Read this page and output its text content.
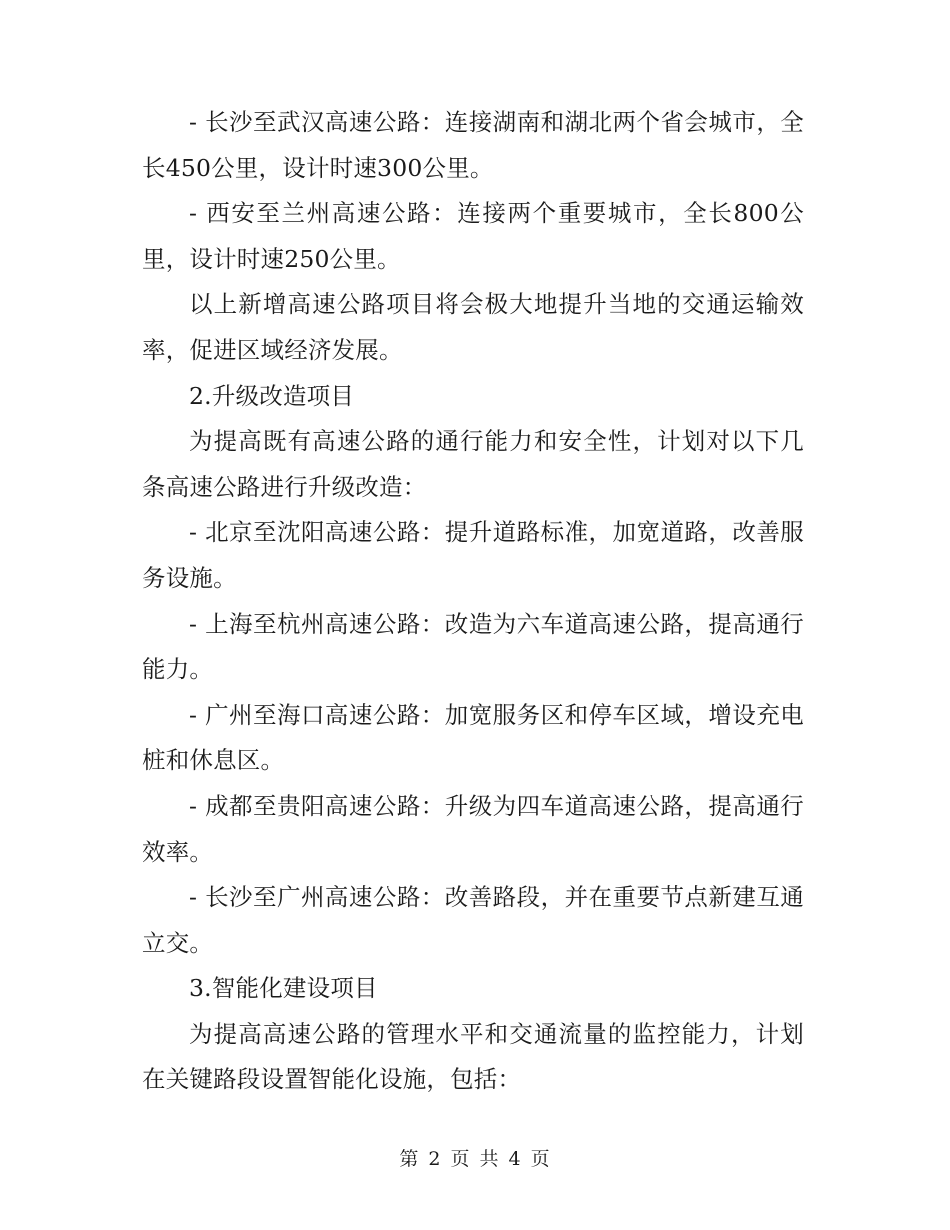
- 长沙至武汉高速公路：连接湖南和湖北两个省会城市，全长450公里，设计时速300公里。

- 西安至兰州高速公路：连接两个重要城市，全长800公里，设计时速250公里。

以上新增高速公路项目将会极大地提升当地的交通运输效率，促进区域经济发展。

2.升级改造项目

为提高既有高速公路的通行能力和安全性，计划对以下几条高速公路进行升级改造：

- 北京至沈阳高速公路：提升道路标准，加宽道路，改善服务设施。

- 上海至杭州高速公路：改造为六车道高速公路，提高通行能力。

- 广州至海口高速公路：加宽服务区和停车区域，增设充电桩和休息区。

- 成都至贵阳高速公路：升级为四车道高速公路，提高通行效率。

- 长沙至广州高速公路：改善路段，并在重要节点新建互通立交。

3.智能化建设项目

为提高高速公路的管理水平和交通流量的监控能力，计划在关键路段设置智能化设施，包括：

第 2 页 共 4 页
